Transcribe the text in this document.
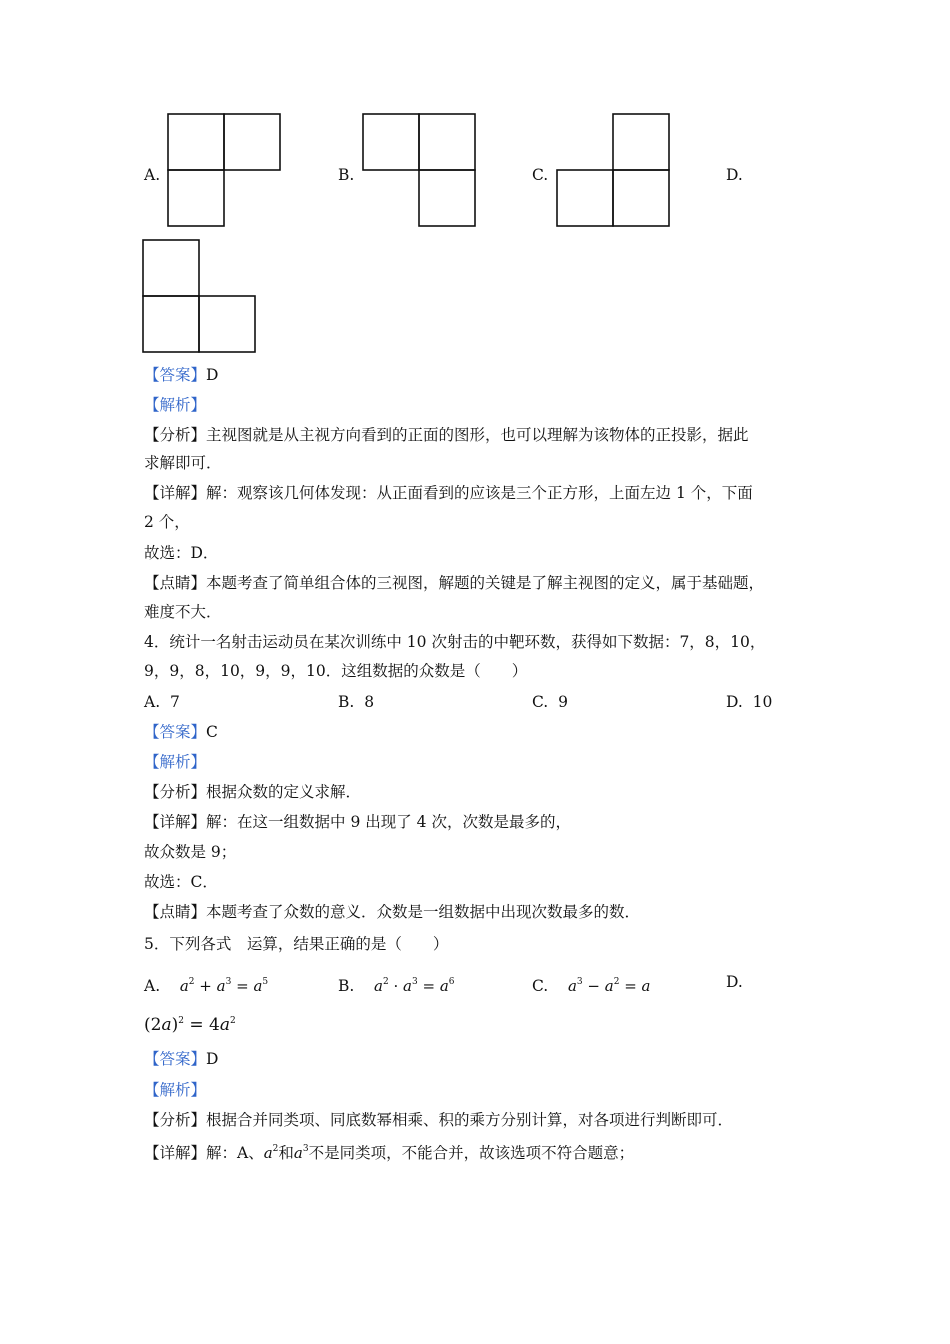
A.	B.	C.	D.
【答案】D
【解析】
【分析】主视图就是从主视方向看到的正面的图形，也可以理解为该物体的正投影，据此
求解即可．
【详解】解：观察该几何体发现：从正面看到的应该是三个正方形，上面左边 1 个，下面
2 个，
故选：D．
【点睛】本题考查了简单组合体的三视图，解题的关键是了解主视图的定义，属于基础题，
难度不大．
4．统计一名射击运动员在某次训练中 10 次射击的中靶环数，获得如下数据：7，8，10，
9，9，8，10，9，9，10．这组数据的众数是（　　）
A. 7	B. 8	C. 9	D. 10
【答案】C
【解析】
【分析】根据众数的定义求解．
【详解】解：在这一组数据中 9 出现了 4 次，次数是最多的，
故众数是 9；
故选：C．
【点睛】本题考查了众数的意义．众数是一组数据中出现次数最多的数．
5．下列各式　运算，结果正确的是（　　）
A. $a^2 + a^3 = a^5$	B. $a^2 \cdot a^3 = a^6$	C. $a^3 - a^2 = a$	D.
$(2a)^2 = 4a^2$
【答案】D
【解析】
【分析】根据合并同类项、同底数幂相乘、积的乘方分别计算，对各项进行判断即可．
【详解】解：A、$a^2$和$a^3$不是同类项，不能合并，故该选项不符合题意；
